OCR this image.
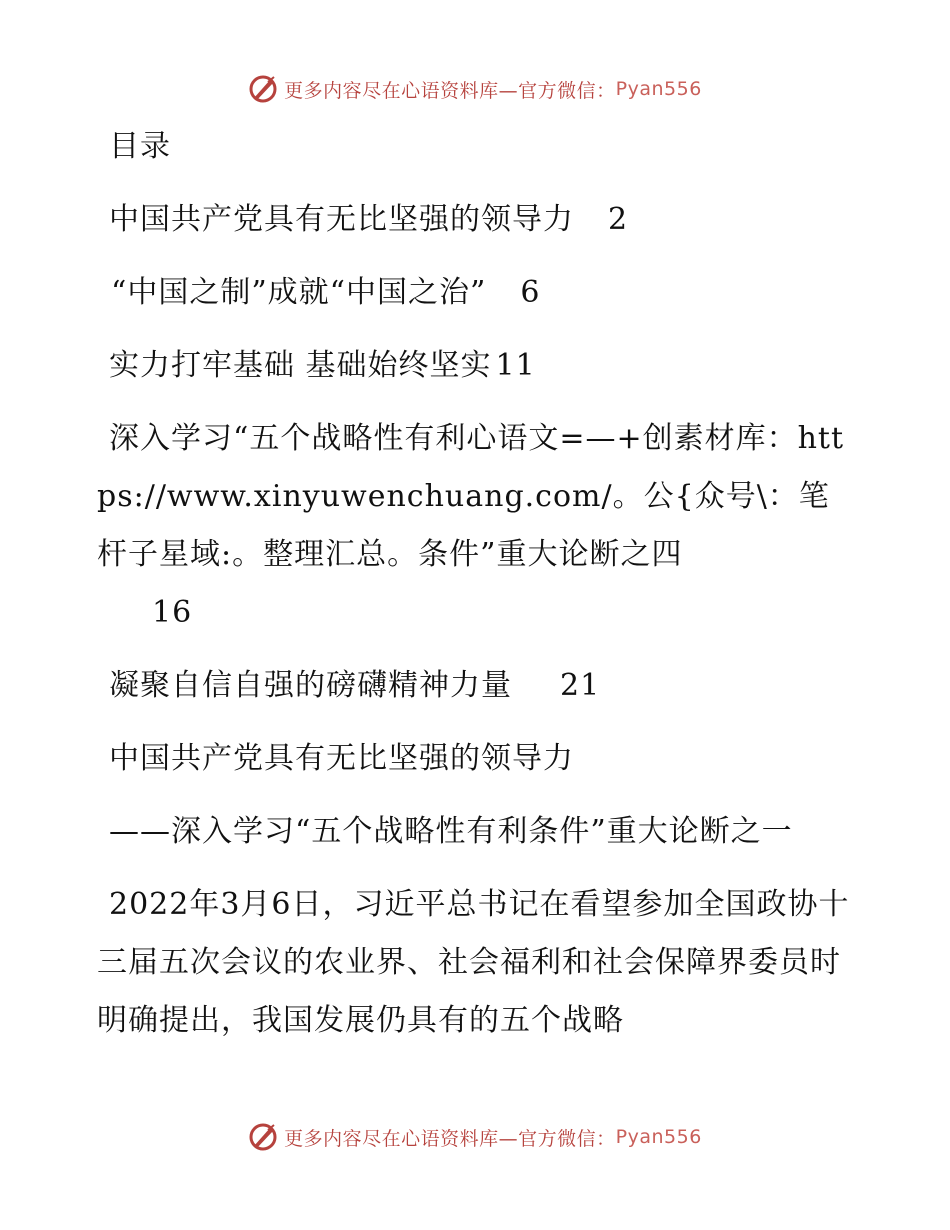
更多内容尽在心语资料库—官方微信： Pyan556

目录

中国共产党具有无比坚强的领导力 2

“中国之制”成就“中国之治” 6

实力打牢基础 基础始终坚实 11

深入学习“五个战略性有利心语文=—+创素材库：https://www.xinyuwenchuang.com/。公{众号\：笔杆子星域:。整理汇总。条件”重大论断之四
16

凝聚自信自强的磅礴精神力量 21

中国共产党具有无比坚强的领导力

——深入学习“五个战略性有利条件”重大论断之一

2022年3月6日，习近平总书记在看望参加全国政协十三届五次会议的农业界、社会福利和社会保障界委员时明确提出，我国发展仍具有的五个战略

更多内容尽在心语资料库—官方微信： Pyan556
